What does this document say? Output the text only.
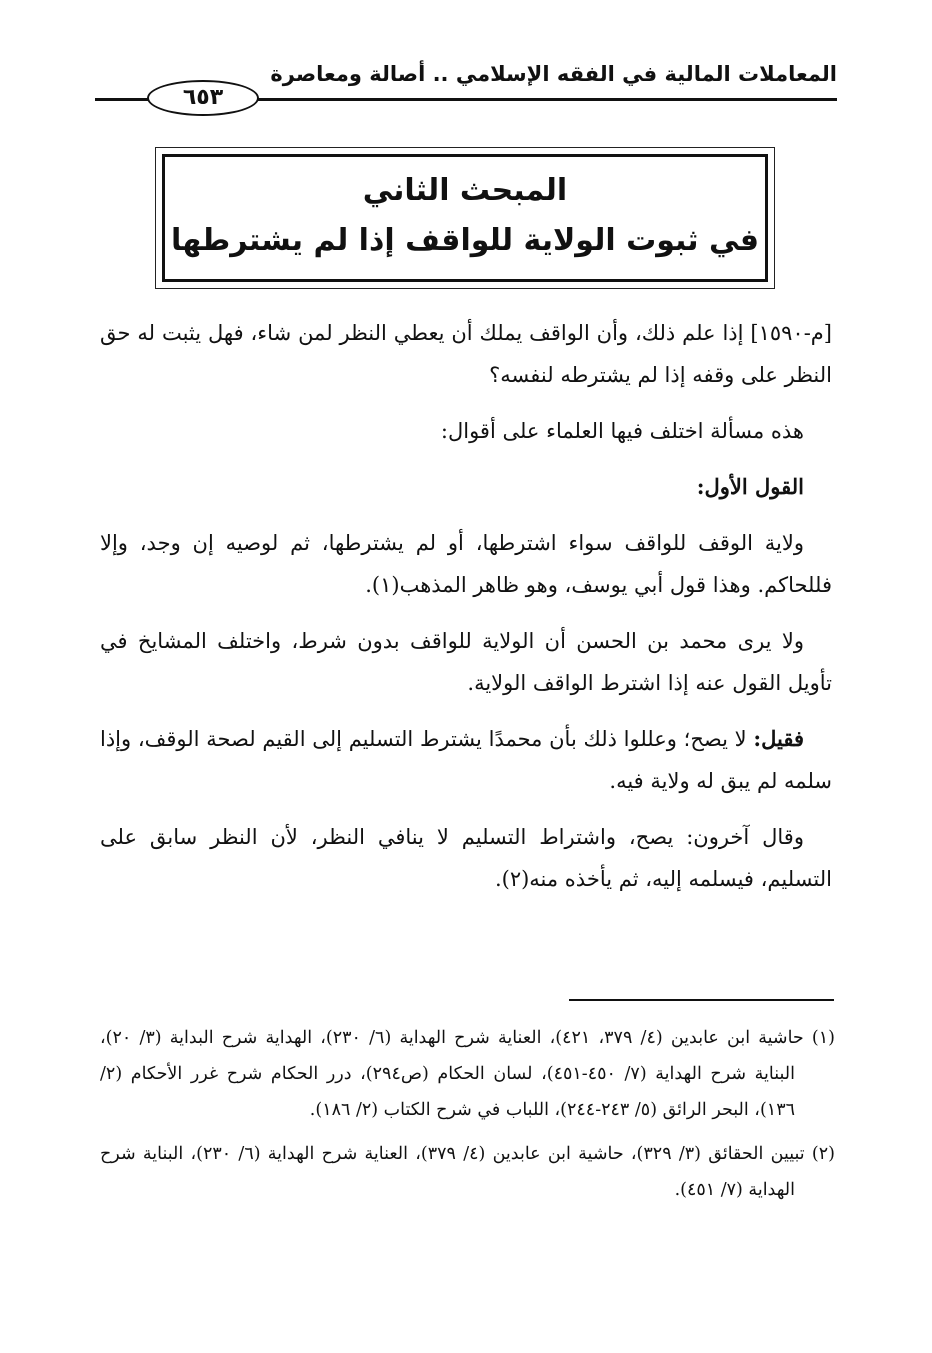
المعاملات المالية في الفقه الإسلامي .. أصالة ومعاصرة
٦٥٣
المبحث الثاني
في ثبوت الولاية للواقف إذا لم يشترطها

[م-١٥٩٠] إذا علم ذلك، وأن الواقف يملك أن يعطي النظر لمن شاء، فهل يثبت له حق النظر على وقفه إذا لم يشترطه لنفسه؟

هذه مسألة اختلف فيها العلماء على أقوال:

القول الأول:

ولاية الوقف للواقف سواء اشترطها، أو لم يشترطها، ثم لوصيه إن وجد، وإلا فللحاكم. وهذا قول أبي يوسف، وهو ظاهر المذهب(١).

ولا يرى محمد بن الحسن أن الولاية للواقف بدون شرط، واختلف المشايخ في تأويل القول عنه إذا اشترط الواقف الولاية.

فقيل: لا يصح؛ وعللوا ذلك بأن محمدًا يشترط التسليم إلى القيم لصحة الوقف، وإذا سلمه لم يبق له ولاية فيه.

وقال آخرون: يصح، واشتراط التسليم لا ينافي النظر، لأن النظر سابق على التسليم، فيسلمه إليه، ثم يأخذه منه(٢).

(١) حاشية ابن عابدين (٤/ ٣٧٩، ٤٢١)، العناية شرح الهداية (٦/ ٢٣٠)، الهداية شرح البداية (٣/ ٢٠)، البناية شرح الهداية (٧/ ٤٥٠-٤٥١)، لسان الحكام (ص٢٩٤)، درر الحكام شرح غرر الأحكام (٢/ ١٣٦)، البحر الرائق (٥/ ٢٤٣-٢٤٤)، اللباب في شرح الكتاب (٢/ ١٨٦).

(٢) تبيين الحقائق (٣/ ٣٢٩)، حاشية ابن عابدين (٤/ ٣٧٩)، العناية شرح الهداية (٦/ ٢٣٠)، البناية شرح الهداية (٧/ ٤٥١).
